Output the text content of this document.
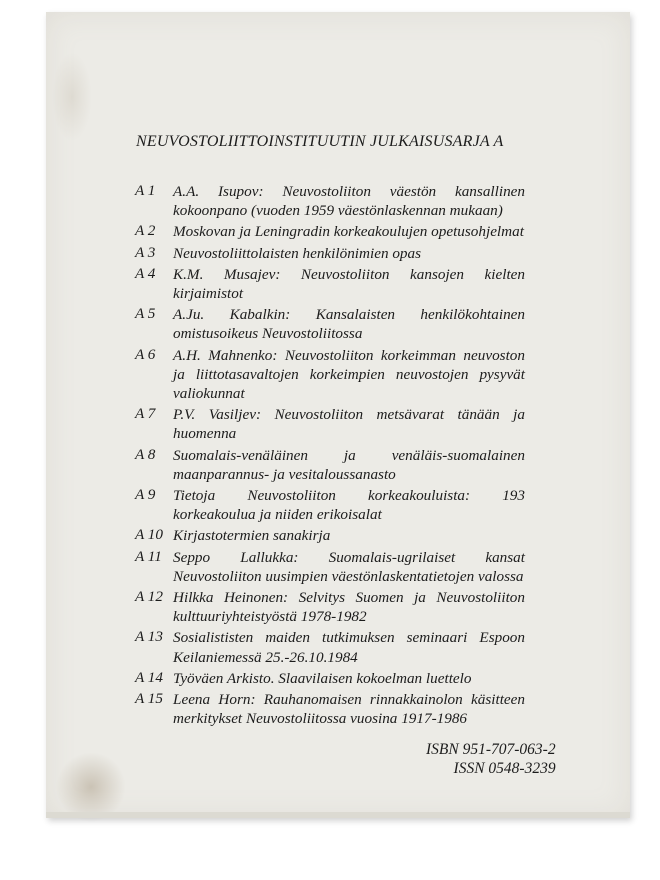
NEUVOSTOLIITTOINSTITUUTIN JULKAISUSARJA A
A 1 A.A. Isupov: Neuvostoliiton väestön kansallinen kokoonpano (vuoden 1959 väestönlaskennan mukaan)
A 2 Moskovan ja Leningradin korkeakoulujen opetusohjelmat
A 3 Neuvostoliittolaisten henkilönimien opas
A 4 K.M. Musajev: Neuvostoliiton kansojen kielten kirjaimistot
A 5 A.Ju. Kabalkin: Kansalaisten henkilökohtainen omistusoikeus Neuvostoliitossa
A 6 A.H. Mahnenko: Neuvostoliiton korkeimman neuvoston ja liittotasavaltojen korkeimpien neuvostojen pysyvät valiokunnat
A 7 P.V. Vasiljev: Neuvostoliiton metsävarat tänään ja huomenna
A 8 Suomalais-venäläinen ja venäläis-suomalainen maanparannus- ja vesitaloussanasto
A 9 Tietoja Neuvostoliiton korkeakouluista: 193 korkeakoulua ja niiden erikoisalat
A 10 Kirjastotermien sanakirja
A 11 Seppo Lallukka: Suomalais-ugrilaiset kansat Neuvostoliiton uusimpien väestönlaskentatietojen valossa
A 12 Hilkka Heinonen: Selvitys Suomen ja Neuvostoliiton kulttuuriyhteistyöstä 1978-1982
A 13 Sosialististen maiden tutkimuksen seminaari Espoon Keilaniemessä 25.-26.10.1984
A 14 Työväen Arkisto. Slaavilaisen kokoelman luettelo
A 15 Leena Horn: Rauhanomaisen rinnakkainolon käsitteen merkitykset Neuvostoliitossa vuosina 1917-1986
ISBN 951-707-063-2
ISSN 0548-3239
